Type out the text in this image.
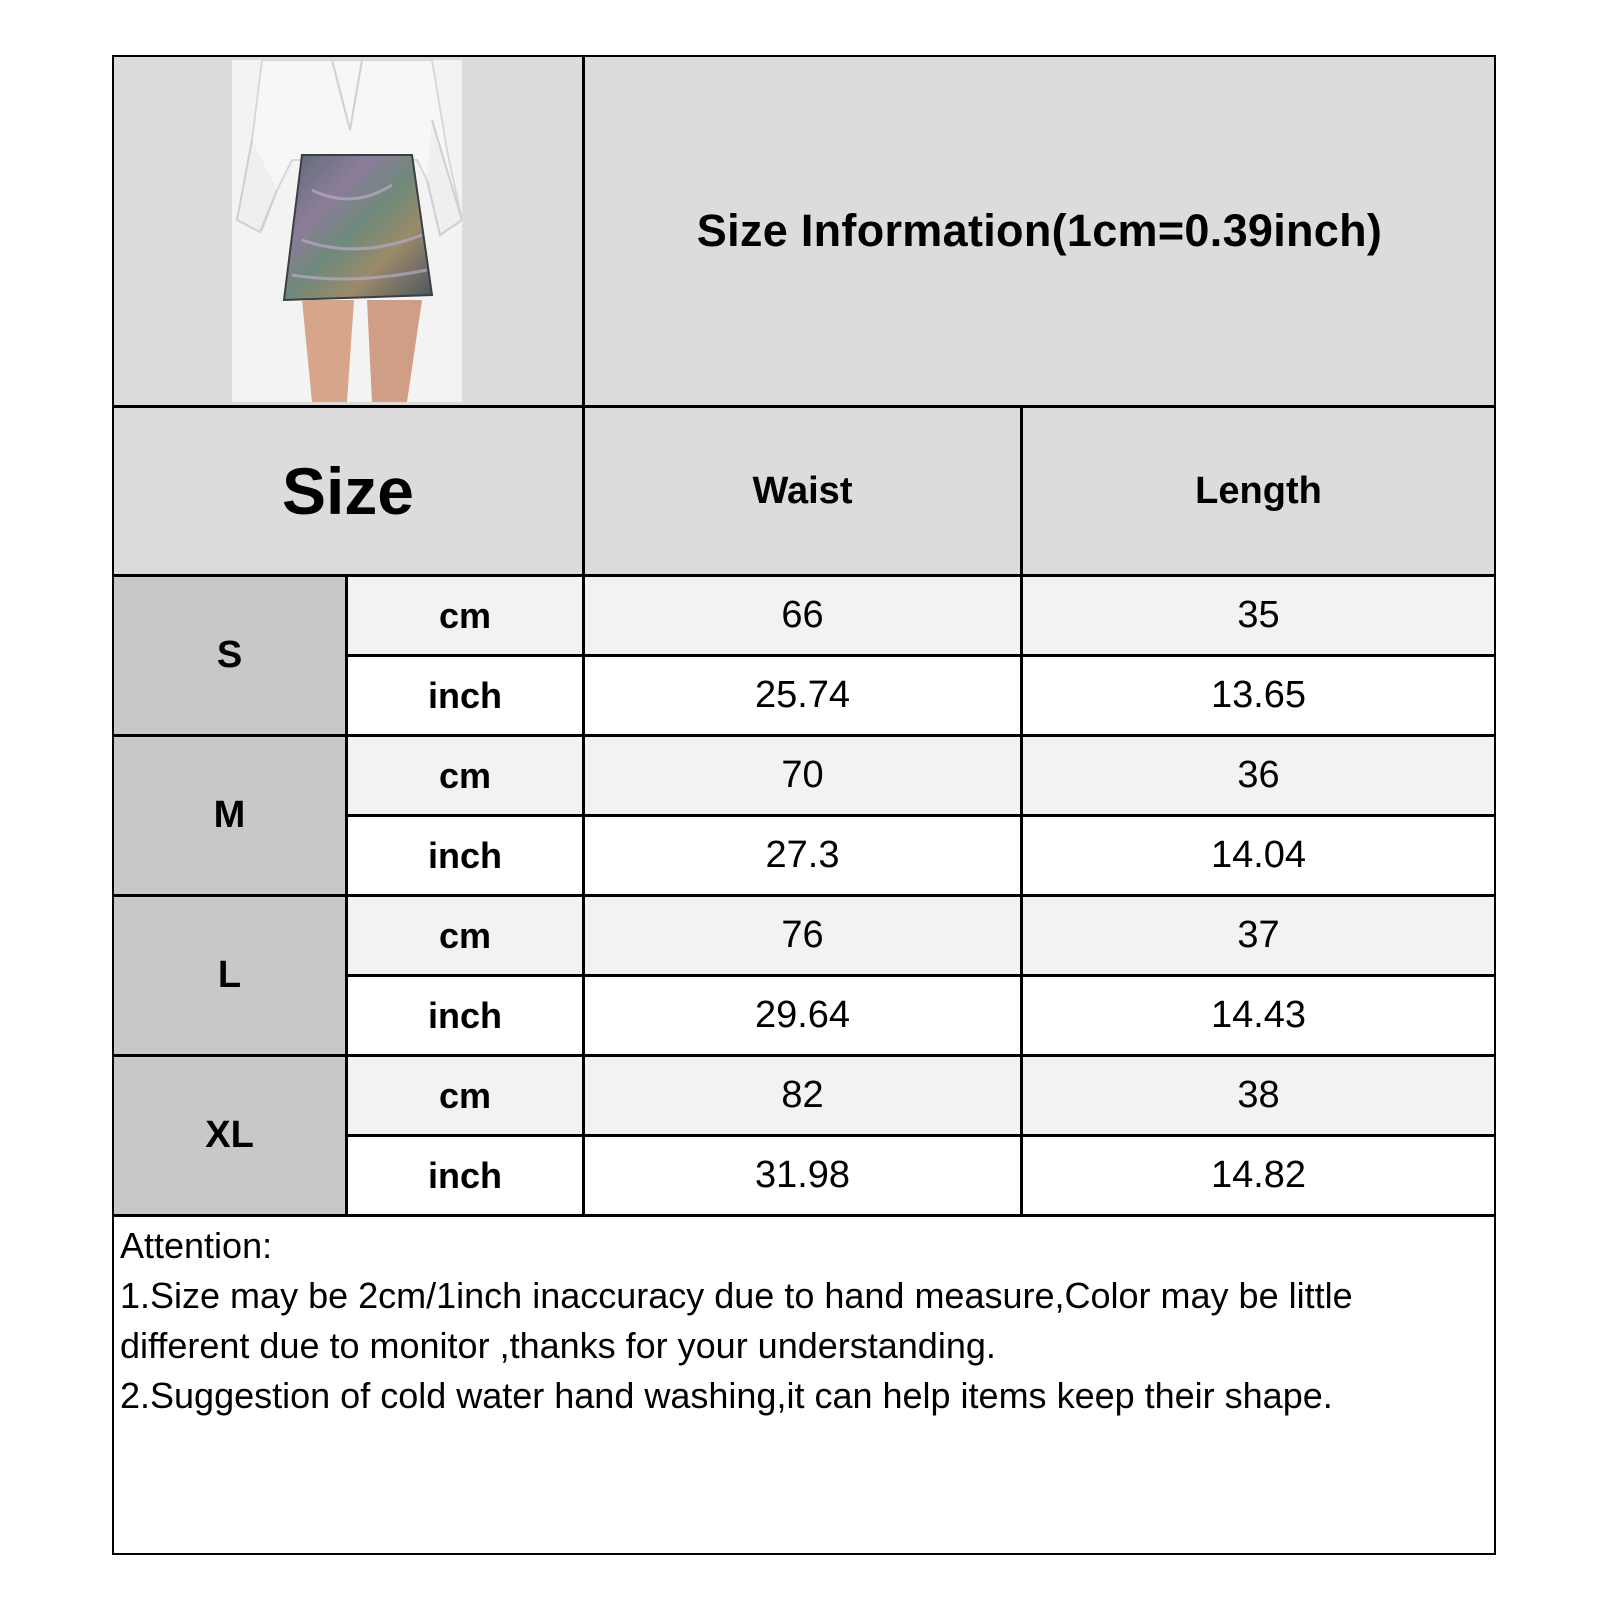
Size Information(1cm=0.39inch)
Size	Waist	Length
S
cm	66	35
inch	25.74	13.65
M
cm	70	36
inch	27.3	14.04
L
cm	76	37
inch	29.64	14.43
XL
cm	82	38
inch	31.98	14.82
Attention:
1.Size may be 2cm/1inch inaccuracy due to hand measure,Color may be little different due to monitor ,thanks for your understanding.
2.Suggestion of cold water hand washing,it can help items keep their shape.
